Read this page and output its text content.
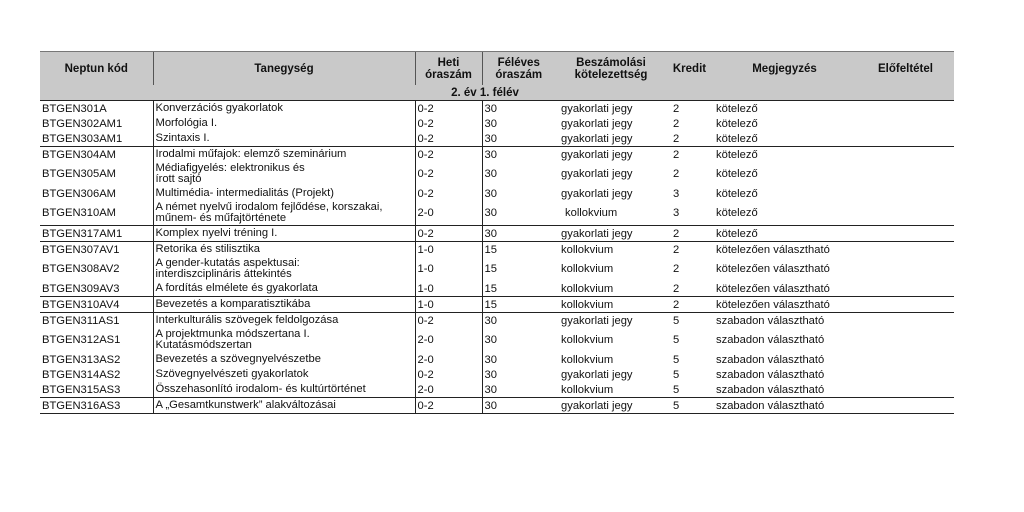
Neptun kód	Tanegység	Heti óraszám	Féléves óraszám	Beszámolási kötelezettség	Kredit	Megjegyzés	Előfeltétel
		2. év 1. félév					
BTGEN301A	Konverzációs gyakorlatok	0-2	30	gyakorlati jegy	2	kötelező	
BTGEN302AM1	Morfológia I.	0-2	30	gyakorlati jegy	2	kötelező	
BTGEN303AM1	Szintaxis I.	0-2	30	gyakorlati jegy	2	kötelező	
BTGEN304AM	Irodalmi műfajok: elemző szeminárium	0-2	30	gyakorlati jegy	2	kötelező	
BTGEN305AM	Médiafigyelés: elektronikus és
írott sajtó	0-2	30	gyakorlati jegy	2	kötelező	
BTGEN306AM	Multimédia- intermedialitás (Projekt)	0-2	30	gyakorlati jegy	3	kötelező	
BTGEN310AM	A német nyelvű irodalom fejlődése, korszakai,
műnem- és műfajtörténete	2-0	30	kollokvium	3	kötelező	
BTGEN317AM1	Komplex nyelvi tréning I.	0-2	30	gyakorlati jegy	2	kötelező	
BTGEN307AV1	Retorika és stilisztika	1-0	15	kollokvium	2	kötelezően választható	
BTGEN308AV2	A gender-kutatás aspektusai:
interdiszciplináris áttekintés	1-0	15	kollokvium	2	kötelezően választható	
BTGEN309AV3	A fordítás elmélete és gyakorlata	1-0	15	kollokvium	2	kötelezően választható	
BTGEN310AV4	Bevezetés a komparatisztikába	1-0	15	kollokvium	2	kötelezően választható	
BTGEN311AS1	Interkulturális szövegek feldolgozása	0-2	30	gyakorlati jegy	5	szabadon választható	
BTGEN312AS1	A projektmunka módszertana I.
Kutatásmódszertan	2-0	30	kollokvium	5	szabadon választható	
BTGEN313AS2	Bevezetés a szövegnyelvészetbe	2-0	30	kollokvium	5	szabadon választható	
BTGEN314AS2	Szövegnyelvészeti gyakorlatok	0-2	30	gyakorlati jegy	5	szabadon választható	
BTGEN315AS3	Összehasonlító irodalom- és kultúrtörténet	2-0	30	kollokvium	5	szabadon választható	
BTGEN316AS3	A „Gesamtkunstwerk” alakváltozásai	0-2	30	gyakorlati jegy	5	szabadon választható	
